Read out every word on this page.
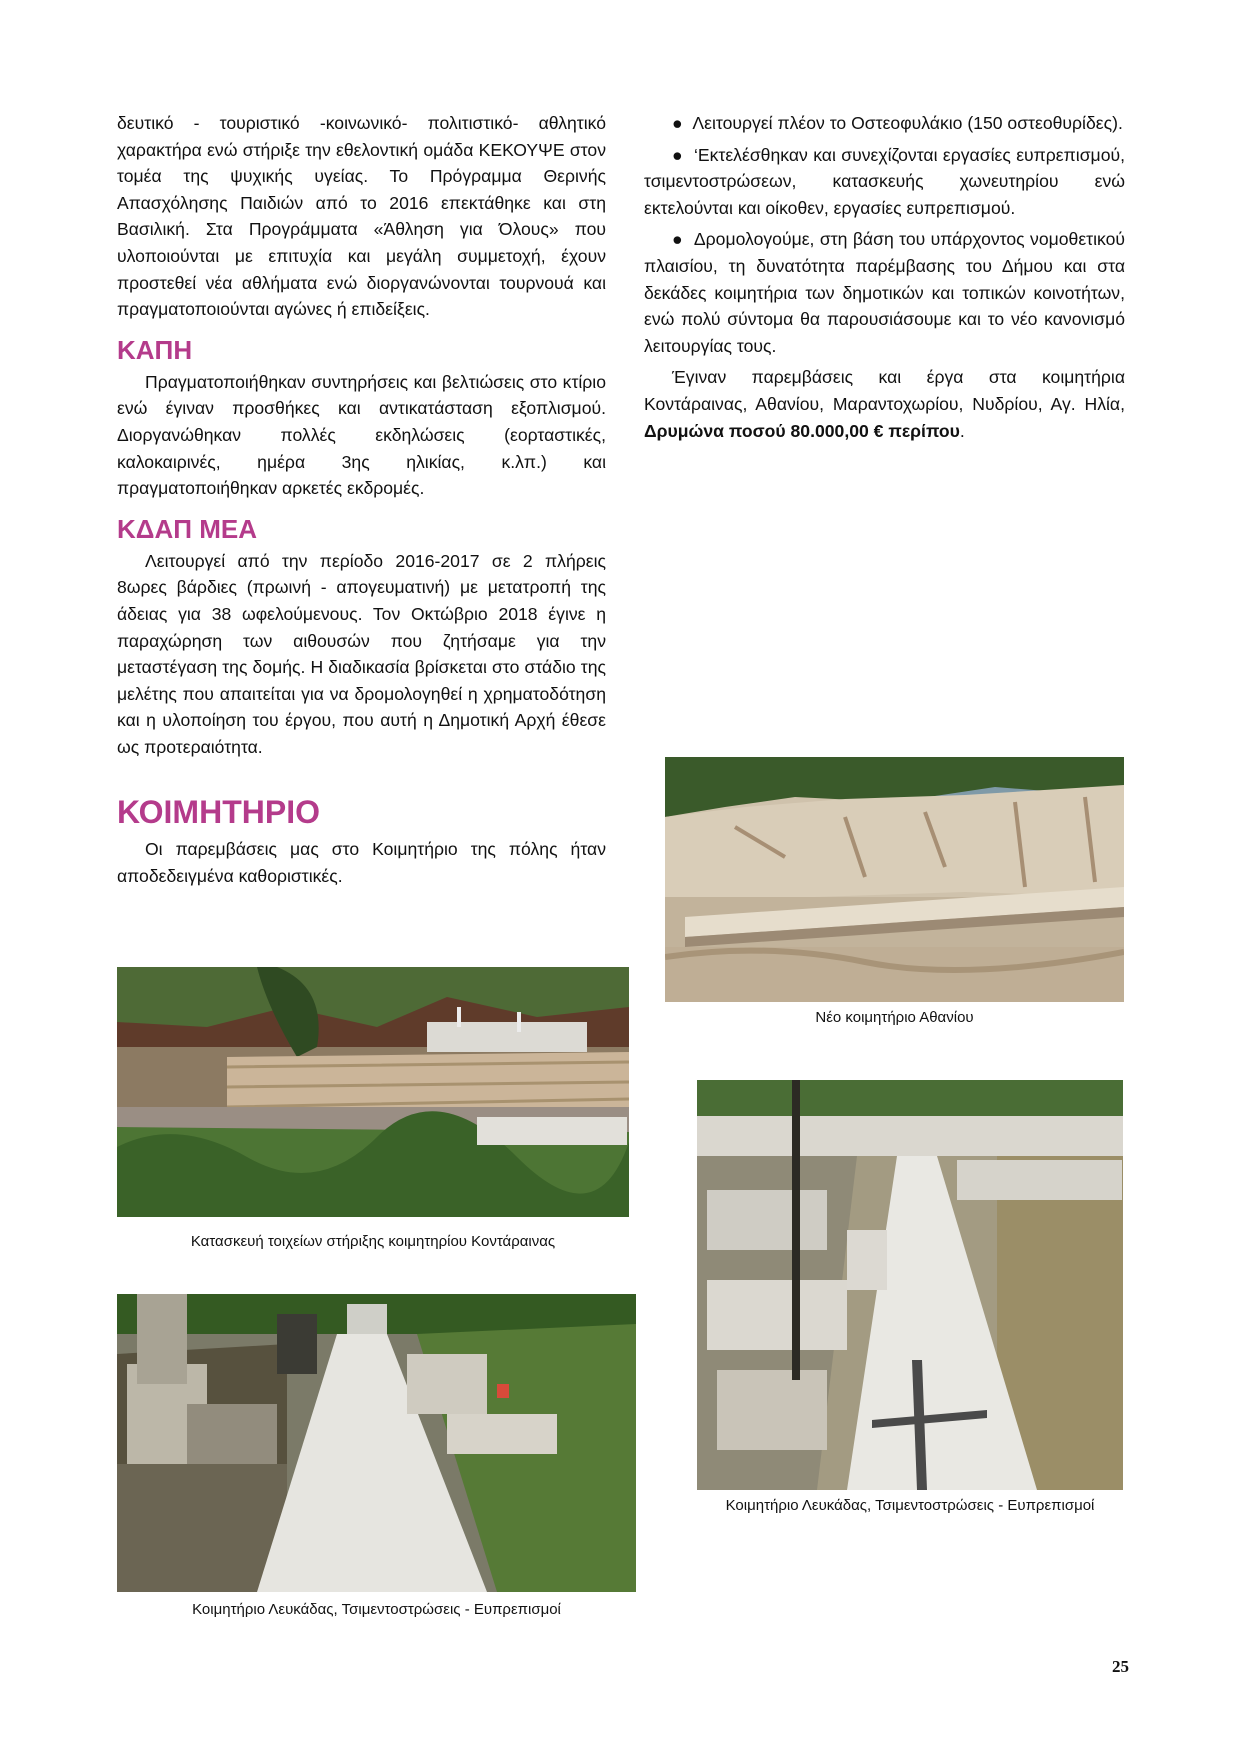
δευτικό - τουριστικό -κοινωνικό- πολιτιστικό- αθλητικό χαρακτήρα ενώ στήριξε την εθελοντική ομάδα ΚΕΚΟΥΨΕ στον τομέα της ψυχικής υγείας. Το Πρόγραμμα Θερινής Απασχόλησης Παιδιών από το 2016 επεκτάθηκε και στη Βασιλική. Στα Προγράμματα «Άθληση για Όλους» που υλοποιούνται με επιτυχία και μεγάλη συμμετοχή, έχουν προστεθεί νέα αθλήματα ενώ διοργανώνονται τουρνουά και πραγματοποιούνται αγώνες ή επιδείξεις.

ΚΑΠΗ

Πραγματοποιήθηκαν συντηρήσεις και βελτιώσεις στο κτίριο ενώ έγιναν προσθήκες και αντικατάσταση εξοπλισμού. Διοργανώθηκαν πολλές εκδηλώσεις (εορταστικές, καλοκαιρινές, ημέρα 3ης ηλικίας, κ.λπ.) και πραγματοποιήθηκαν αρκετές εκδρομές.

ΚΔΑΠ ΜΕΑ

Λειτουργεί από την περίοδο 2016-2017 σε 2 πλήρεις 8ωρες βάρδιες (πρωινή - απογευματινή) με μετατροπή της άδειας για 38 ωφελούμενους. Τον Οκτώβριο 2018 έγινε η παραχώρηση των αιθουσών που ζητήσαμε για την μεταστέγαση της δομής. Η διαδικασία βρίσκεται στο στάδιο της μελέτης που απαιτείται για να δρομολογηθεί η χρηματοδότηση και η υλοποίηση του έργου, που αυτή η Δημοτική Αρχή έθεσε ως προτεραιότητα.

ΚΟΙΜΗΤΗΡΙΟ

Οι παρεμβάσεις μας στο Κοιμητήριο της πόλης ήταν αποδεδειγμένα καθοριστικές.

●  Λειτουργεί πλέον το Οστεοφυλάκιο (150 οστεοθυρίδες).

●  ‘Εκτελέσθηκαν και συνεχίζονται εργασίες ευπρεπισμού, τσιμεντοστρώσεων, κατασκευής χωνευτηρίου ενώ εκτελούνται και οίκοθεν, εργασίες ευπρεπισμού.

●  Δρομολογούμε, στη βάση του υπάρχοντος νομοθετικού πλαισίου, τη δυνατότητα παρέμβασης του Δήμου και στα δεκάδες κοιμητήρια των δημοτικών και τοπικών κοινοτήτων, ενώ πολύ σύντομα θα παρουσιάσουμε και το νέο κανονισμό λειτουργίας τους.

Έγιναν παρεμβάσεις και έργα στα κοιμητήρια Κοντάραινας, Αθανίου, Μαραντοχωρίου, Νυδρίου, Αγ. Ηλία, Δρυμώνα ποσού 80.000,00 € περίπου.

Νέο κοιμητήριο Αθανίου
Κατασκευή τοιχείων στήριξης κοιμητηρίου Κοντάραινας
Κοιμητήριο Λευκάδας, Τσιμεντοστρώσεις - Ευπρεπισμοί
Κοιμητήριο Λευκάδας, Τσιμεντοστρώσεις - Ευπρεπισμοί
25
